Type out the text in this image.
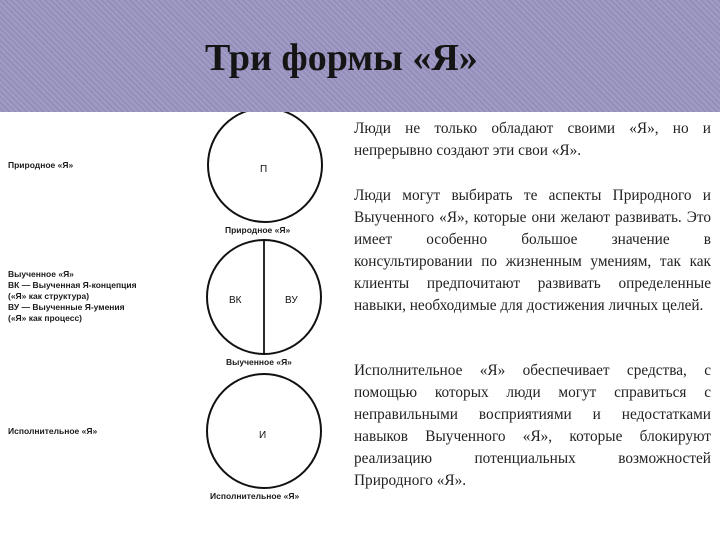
Три формы «Я»
П
ВК	ВУ
И
Природное «Я»
Выученное «Я»
ВК — Выученная Я-концепция
(«Я» как структура)
ВУ — Выученные Я-умения
(«Я» как процесс)
Исполнительное «Я»
Природное «Я»
Выученное «Я»
Исполнительное «Я»

Люди не только обладают своими «Я», но и непрерывно создают эти свои «Я».

Люди могут выбирать те аспекты Природного и Выученного «Я», которые они желают развивать. Это имеет особенно большое значение в консультировании по жизненным умениям, так как клиенты предпочитают развивать определенные навыки, необходимые для достижения личных целей.

Исполнительное «Я» обеспечивает средства, с помощью которых люди могут справиться с неправильными восприятиями и недостатками навыков Выученного «Я», которые блокируют реализацию потенциальных возможностей Природного «Я».
